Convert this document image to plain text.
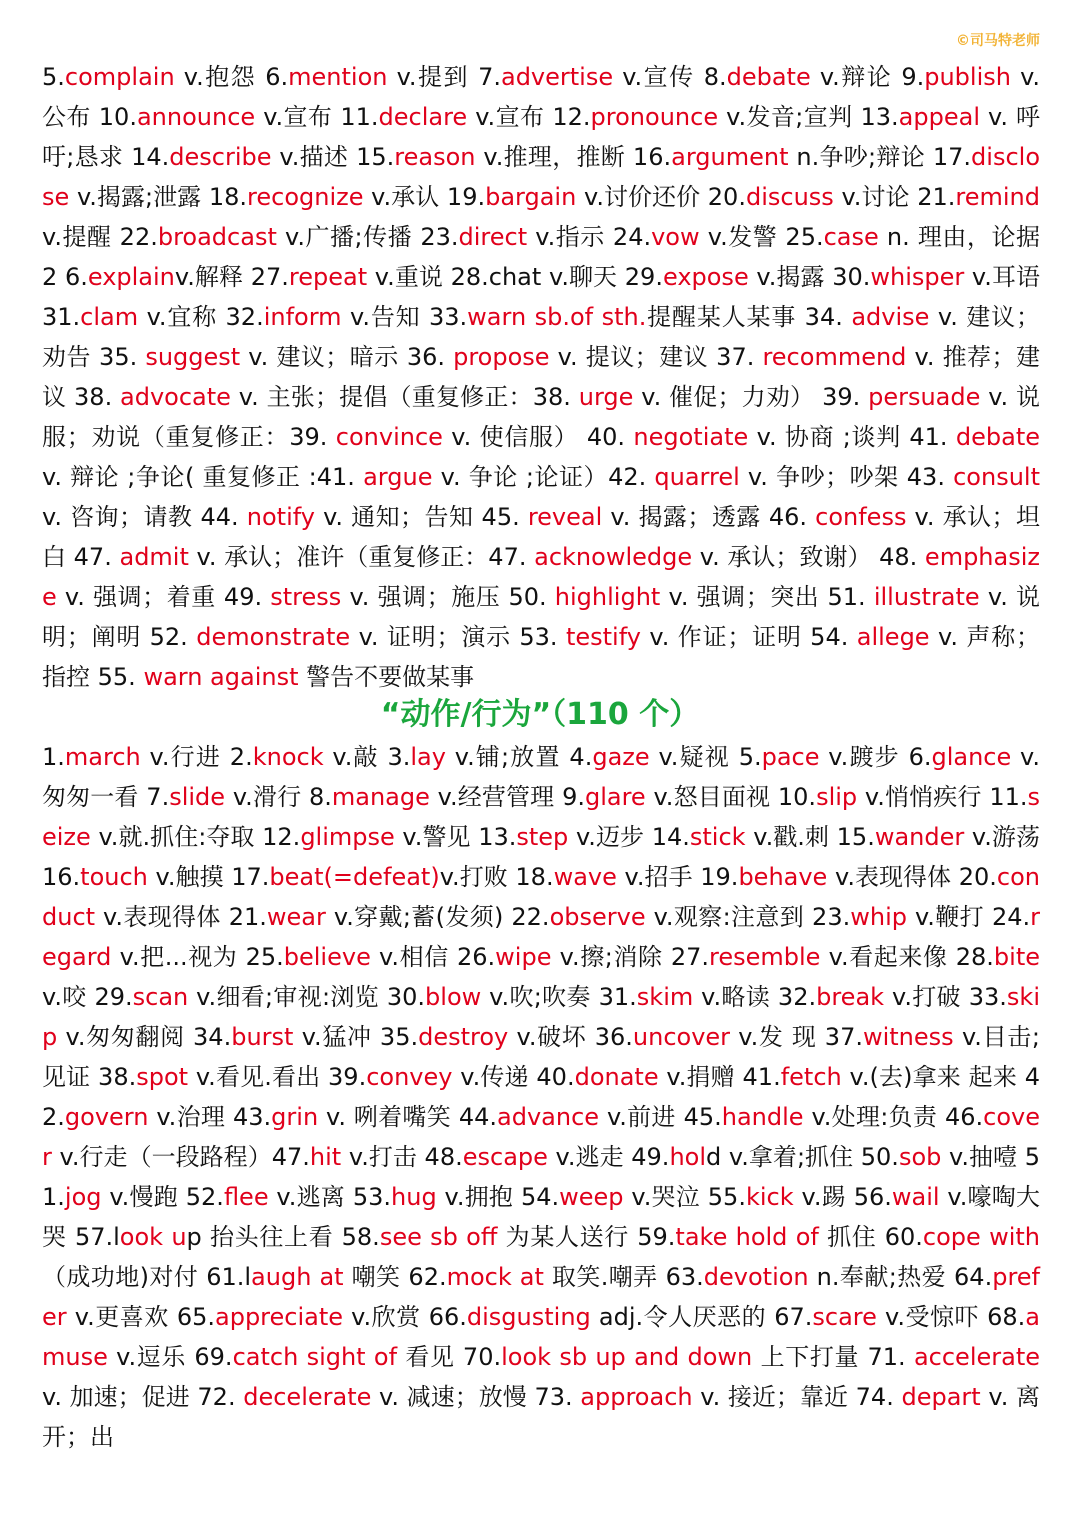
©司马特老师
5.complain v.抱怨 6.mention v.提到 7.advertise v.宣传 8.debate v.辩论 9.publish v. 公布 10.announce v.宣布 11.declare v.宣布 12.pronounce v.发音;宣判 13.appeal v. 呼吁;恳求 14.describe v.描述 15.reason v.推理，推断 16.argument n.争吵;辩论 17.disclose v.揭露;泄露 18.recognize v.承认 19.bargain v.讨价还价 20.discuss v.讨论 21.remind v.提醒 22.broadcast v.广播;传播 23.direct v.指示 24.vow v.发警 25.case n. 理由，论据 2 6.explainv.解释 27.repeat v.重说 28.chat v.聊天 29.expose v.揭露 30.whisper v.耳语 31.clam v.宜称 32.inform v.告知 33.warn sb.of sth.提醒某人某事 34. advise v. 建议；劝告 35. suggest v. 建议；暗示 36. propose v. 提议；建议 37. recommend v. 推荐；建议 38. advocate v. 主张；提倡（重复修正：38. urge v. 催促；力劝） 39. persuade v. 说服；劝说（重复修正：39. convince v. 使信服） 40. negotiate v. 协商 ;谈判 41. debate v. 辩论 ;争论( 重复修正 :41. argue v. 争论 ;论证）42. quarrel v. 争吵；吵架 43. consult v. 咨询；请教 44. notify v. 通知；告知 45. reveal v. 揭露；透露 46. confess v. 承认；坦白 47. admit v. 承认；准许（重复修正：47. acknowledge v. 承认；致谢） 48. emphasize v. 强调；着重 49. stress v. 强调；施压 50. highlight v. 强调；突出 51. illustrate v. 说明；阐明 52. demonstrate v. 证明；演示 53. testify v. 作证；证明 54. allege v. 声称；指控 55. warn against 警告不要做某事
“动作/行为”（110 个）
1.march v.行进 2.knock v.敲 3.lay v.铺;放置 4.gaze v.疑视 5.pace v.踱步 6.glance v. 匆匆一看 7.slide v.滑行 8.manage v.经营管理 9.glare v.怒目面视 10.slip v.悄悄疾行 11.seize v.就.抓住:夺取 12.glimpse v.警见 13.step v.迈步 14.stick v.戳.刺 15.wander v.游荡 16.touch v.触摸 17.beat(=defeat)v.打败 18.wave v.招手 19.behave v.表现得体 20.conduct v.表现得体 21.wear v.穿戴;蓄(发须) 22.observe v.观察:注意到 23.whip v.鞭打 24.regard v.把...视为 25.believe v.相信 26.wipe v.擦;消除 27.resemble v.看起来像 28.bite v.咬 29.scan v.细看;审视:浏览 30.blow v.吹;吹奏 31.skim v.略读 32.break v.打破 33.skip v.匆匆翻阅 34.burst v.猛冲 35.destroy v.破坏 36.uncover v.发 现 37.witness v.目击;见证 38.spot v.看见.看出 39.convey v.传递 40.donate v.捐赠 41.fetch v.(去)拿来 起来 42.govern v.治理 43.grin v. 咧着嘴笑 44.advance v.前进 45.handle v.处理:负责 46.cover v.行走（一段路程）47.hit v.打击 48.escape v.逃走 49.hold v.拿着;抓住 50.sob v.抽噎 51.jog v.慢跑 52.flee v.逃离 53.hug v.拥抱 54.weep v.哭泣 55.kick v.踢 56.wail v.嚎啕大哭 57.look up 抬头往上看 58.see sb off 为某人送行 59.take hold of 抓住 60.cope with（成功地)对付 61.laugh at 嘲笑 62.mock at 取笑.嘲弄 63.devotion n.奉献;热爱 64.prefer v.更喜欢 65.appreciate v.欣赏 66.disgusting adj.令人厌恶的 67.scare v.受惊吓 68.amuse v.逗乐 69.catch sight of 看见 70.look sb up and down 上下打量 71. accelerate v. 加速；促进 72. decelerate v. 减速；放慢 73. approach v. 接近；靠近 74. depart v. 离开；出
